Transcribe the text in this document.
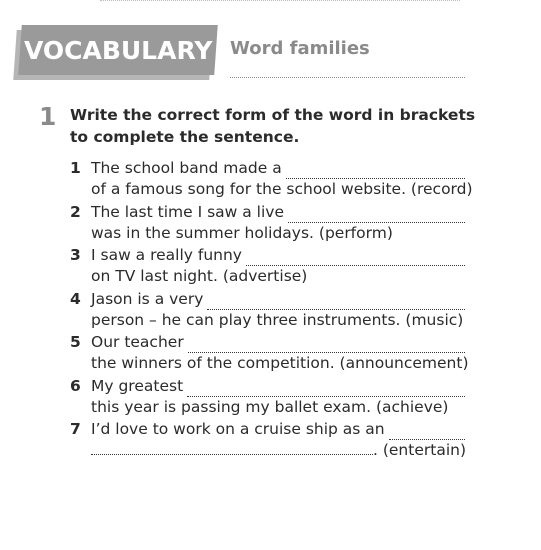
VOCABULARY Word families
1 Write the correct form of the word in brackets to complete the sentence.
1 The school band made a
of a famous song for the school website. (record)
2 The last time I saw a live
was in the summer holidays. (perform)
3 I saw a really funny
on TV last night. (advertise)
4 Jason is a very
person – he can play three instruments. (music)
5 Our teacher
the winners of the competition. (announcement)
6 My greatest
this year is passing my ballet exam. (achieve)
7 I’d love to work on a cruise ship as an
. (entertain)
